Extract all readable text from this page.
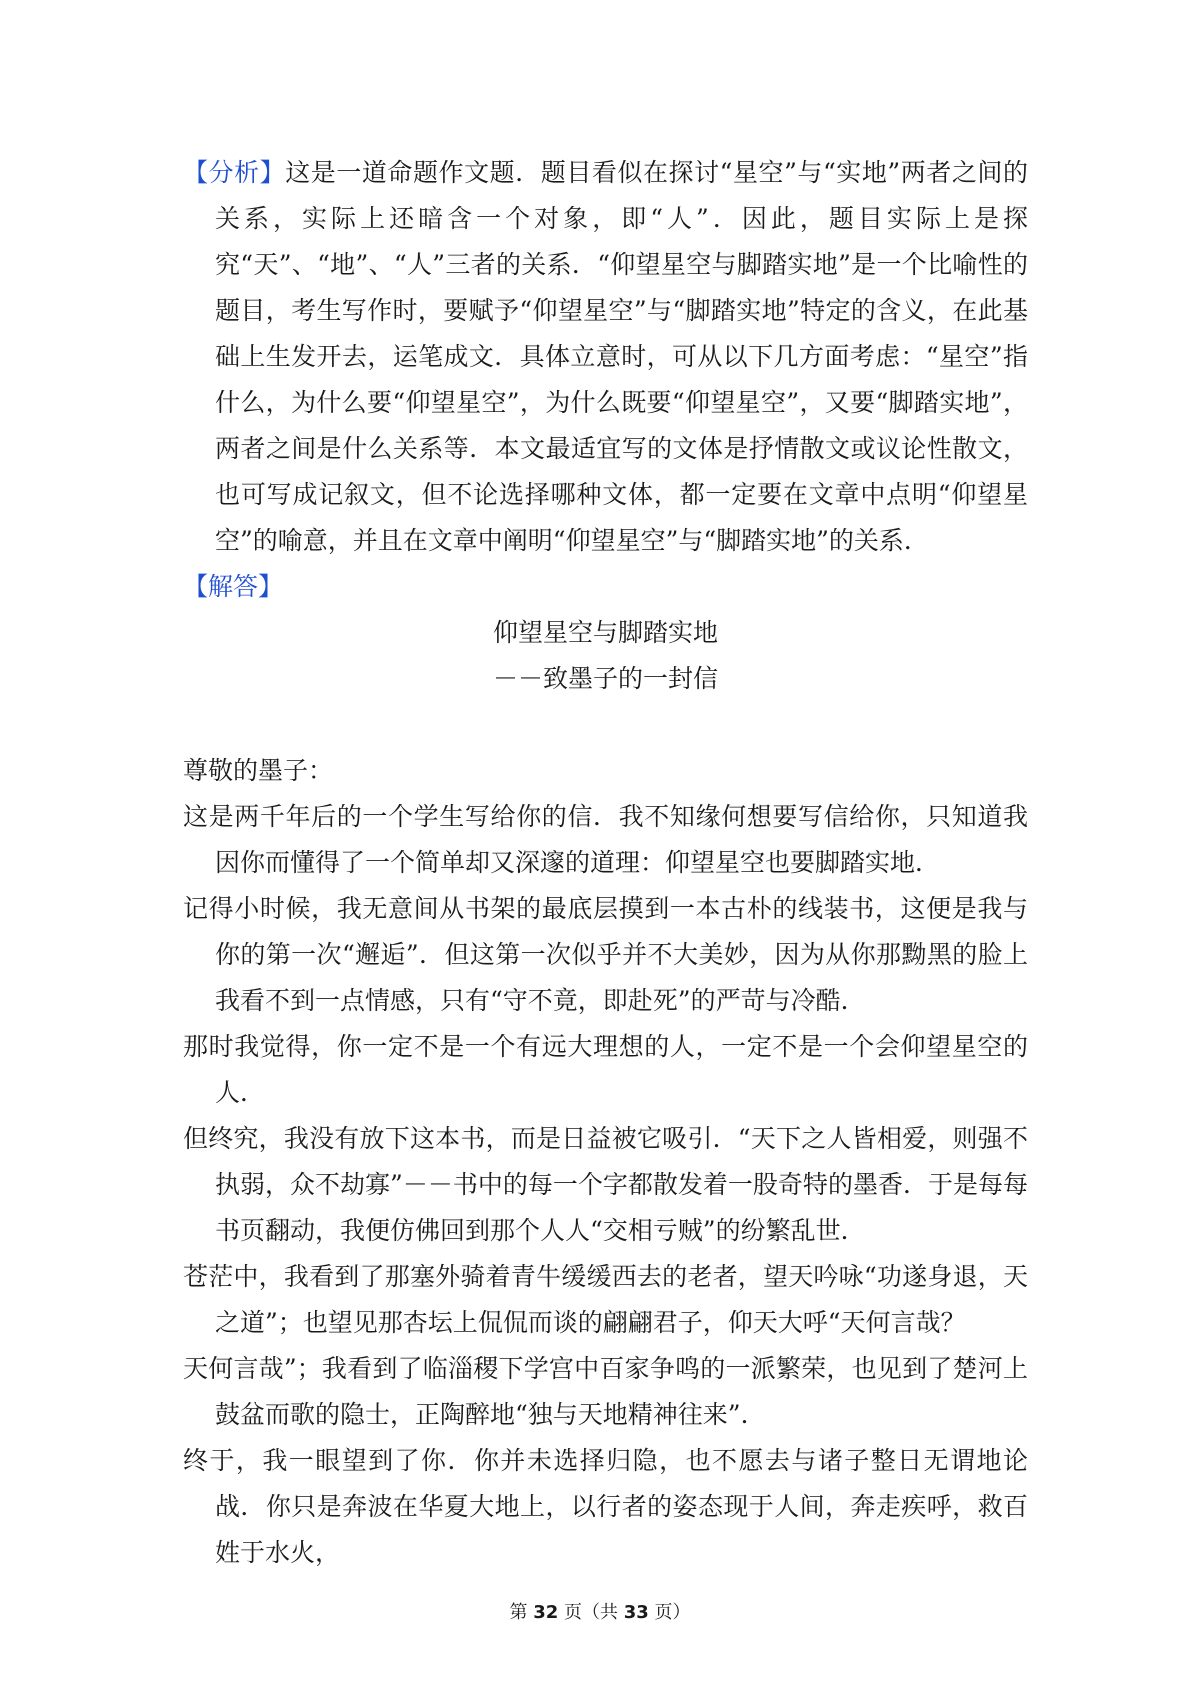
【分析】这是一道命题作文题．题目看似在探讨“星空”与“实地”两者之间的关系，实际上还暗含一个对象，即“人”．因此，题目实际上是探究“天”、“地”、“人”三者的关系．“仰望星空与脚踏实地”是一个比喻性的题目，考生写作时，要赋予“仰望星空”与“脚踏实地”特定的含义，在此基础上生发开去，运笔成文．具体立意时，可从以下几方面考虑：“星空”指什么，为什么要“仰望星空”，为什么既要“仰望星空”，又要“脚踏实地”，两者之间是什么关系等．本文最适宜写的文体是抒情散文或议论性散文，也可写成记叙文，但不论选择哪种文体，都一定要在文章中点明“仰望星空”的喻意，并且在文章中阐明“仰望星空”与“脚踏实地”的关系．

【解答】

仰望星空与脚踏实地

－－致墨子的一封信

尊敬的墨子：

这是两千年后的一个学生写给你的信．我不知缘何想要写信给你，只知道我因你而懂得了一个简单却又深邃的道理：仰望星空也要脚踏实地．

记得小时候，我无意间从书架的最底层摸到一本古朴的线装书，这便是我与你的第一次“邂逅”．但这第一次似乎并不大美妙，因为从你那黝黑的脸上我看不到一点情感，只有“守不竟，即赴死”的严苛与冷酷．

那时我觉得，你一定不是一个有远大理想的人，一定不是一个会仰望星空的人．

但终究，我没有放下这本书，而是日益被它吸引．“天下之人皆相爱，则强不执弱，众不劫寡”－－书中的每一个字都散发着一股奇特的墨香．于是每每书页翻动，我便仿佛回到那个人人“交相亏贼”的纷繁乱世．

苍茫中，我看到了那塞外骑着青牛缓缓西去的老者，望天吟咏“功遂身退，天之道”；也望见那杏坛上侃侃而谈的翩翩君子，仰天大呼“天何言哉？

天何言哉”；我看到了临淄稷下学宫中百家争鸣的一派繁荣，也见到了楚河上鼓盆而歌的隐士，正陶醉地“独与天地精神往来”．

终于，我一眼望到了你．你并未选择归隐，也不愿去与诸子整日无谓地论战．你只是奔波在华夏大地上，以行者的姿态现于人间，奔走疾呼，救百姓于水火，

第 32 页（共 33 页）
